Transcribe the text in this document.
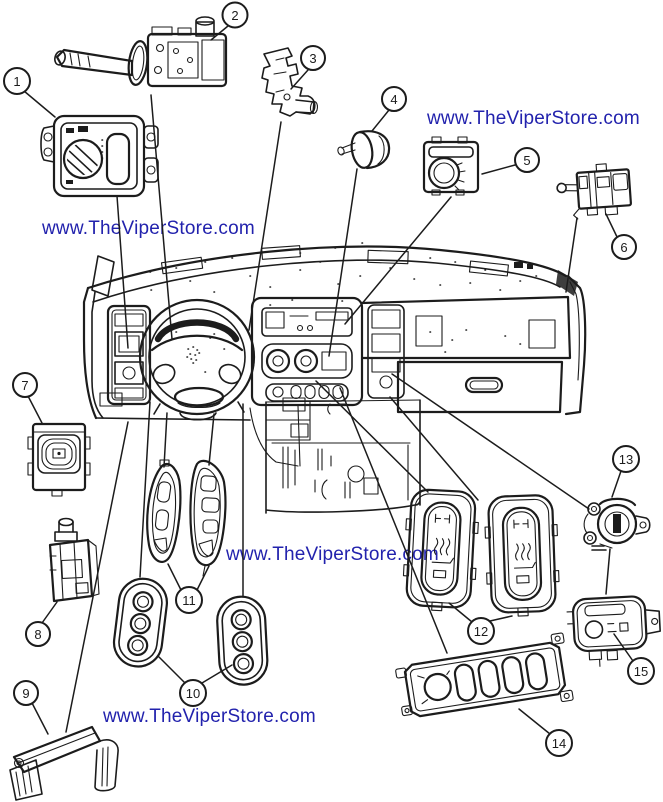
www.TheViperStore.com
www.TheViperStore.com
www.TheViperStore.com
www.TheViperStore.com
1
2
3
4
5
6
7
8
9	10
11
12
13
14
15
